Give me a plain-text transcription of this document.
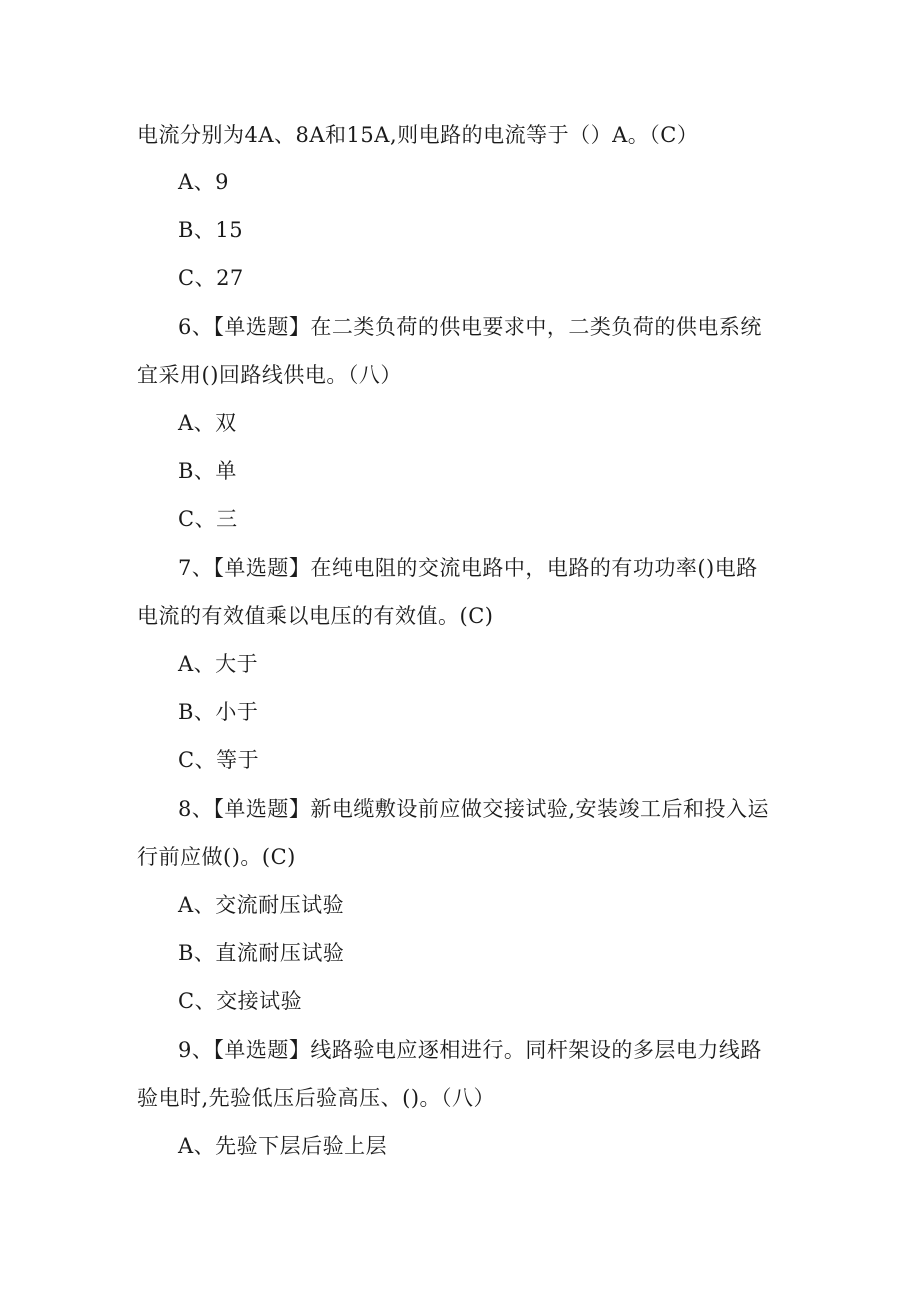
电流分别为4A、8A和15A,则电路的电流等于（）A。（C）
A、9
B、15
C、27
6、【单选题】在二类负荷的供电要求中，二类负荷的供电系统
宜采用()回路线供电。（八）
A、双
B、单
C、三
7、【单选题】在纯电阻的交流电路中，电路的有功功率()电路
电流的有效值乘以电压的有效值。(C)
A、大于
B、小于
C、等于
8、【单选题】新电缆敷设前应做交接试验,安装竣工后和投入运
行前应做()。(C)
A、交流耐压试验
B、直流耐压试验
C、交接试验
9、【单选题】线路验电应逐相进行。同杆架设的多层电力线路
验电时,先验低压后验高压、()。（八）
A、先验下层后验上层
